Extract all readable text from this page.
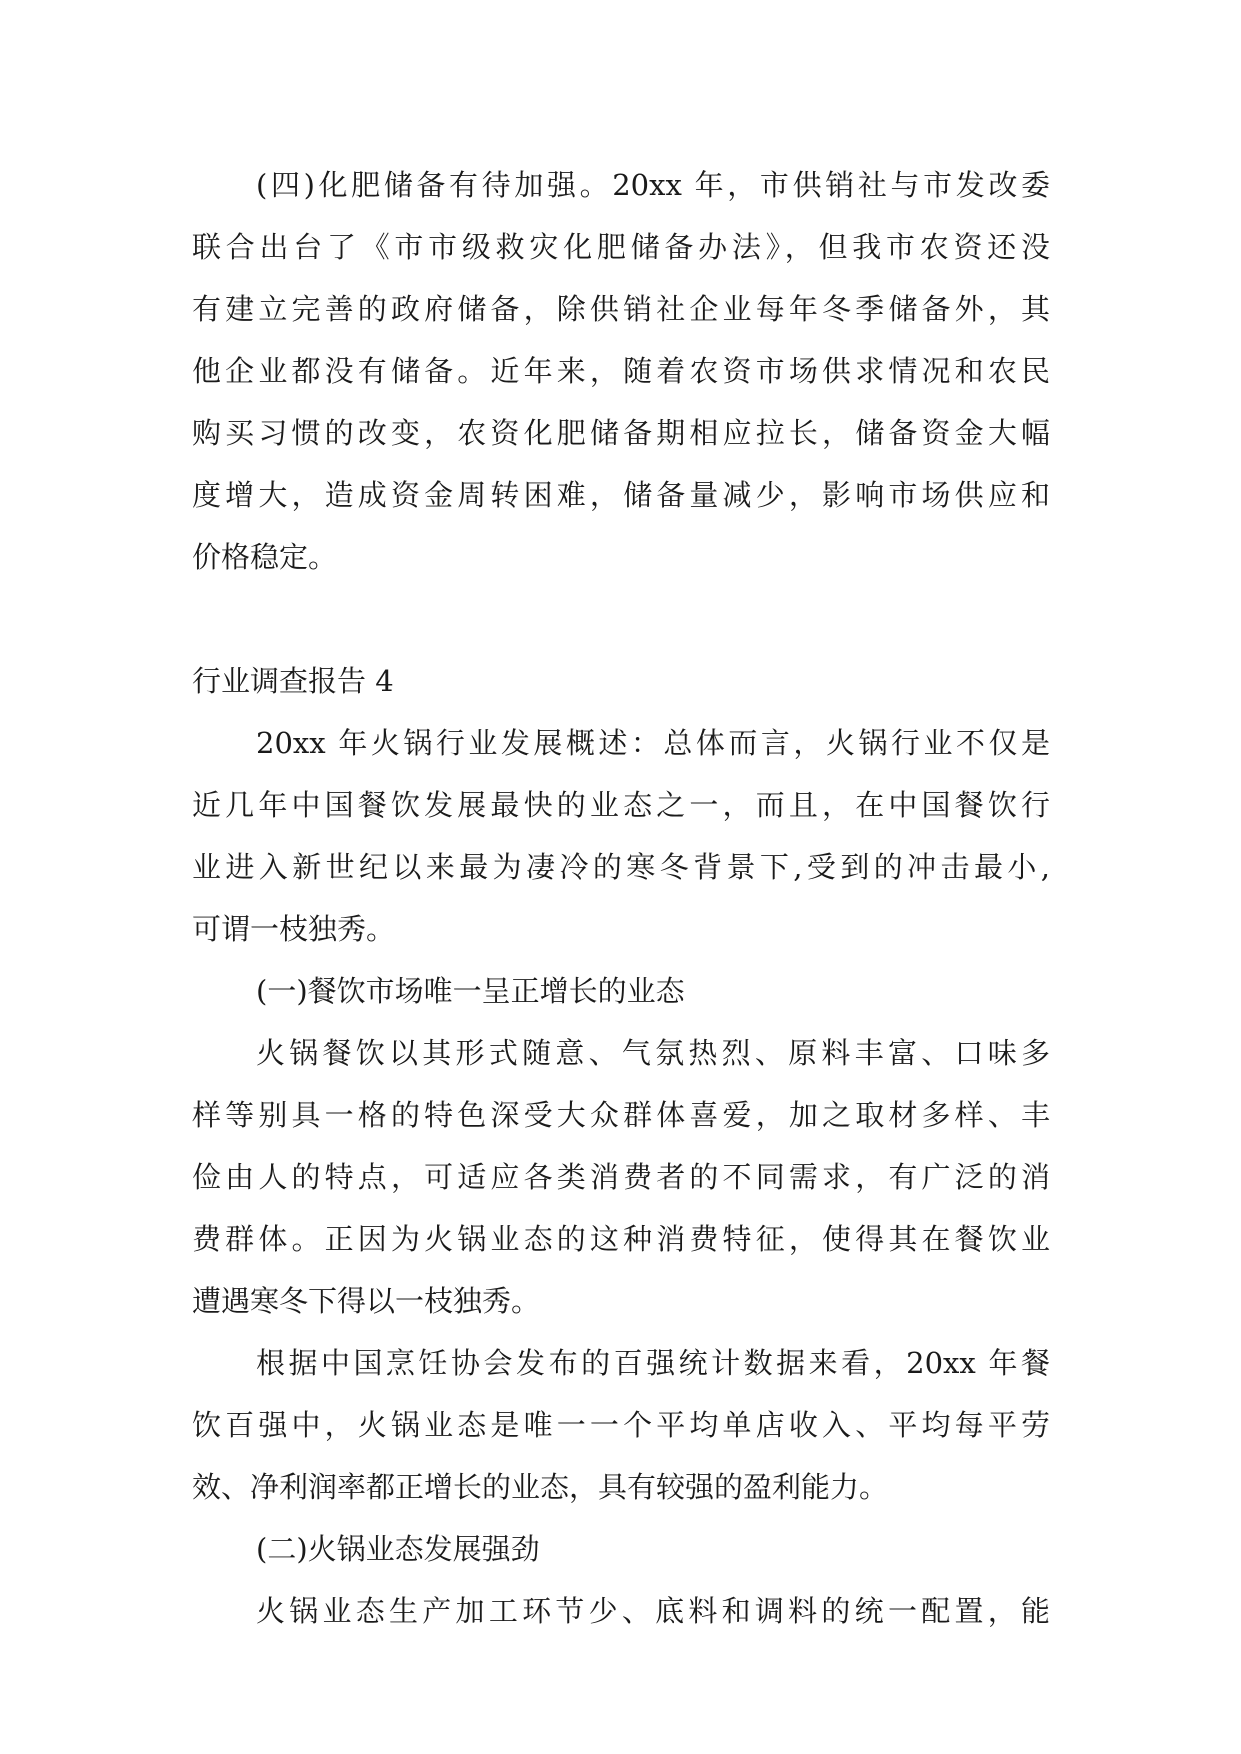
(四)化肥储备有待加强。20xx 年，市供销社与市发改委
联合出台了《市市级救灾化肥储备办法》，但我市农资还没
有建立完善的政府储备，除供销社企业每年冬季储备外，其
他企业都没有储备。近年来，随着农资市场供求情况和农民
购买习惯的改变，农资化肥储备期相应拉长，储备资金大幅
度增大，造成资金周转困难，储备量减少，影响市场供应和
价格稳定。
行业调查报告 4
20xx 年火锅行业发展概述：总体而言，火锅行业不仅是
近几年中国餐饮发展最快的业态之一，而且，在中国餐饮行
业进入新世纪以来最为凄冷的寒冬背景下,受到的冲击最小,
可谓一枝独秀。
(一)餐饮市场唯一呈正增长的业态
火锅餐饮以其形式随意、气氛热烈、原料丰富、口味多
样等别具一格的特色深受大众群体喜爱，加之取材多样、丰
俭由人的特点，可适应各类消费者的不同需求，有广泛的消
费群体。正因为火锅业态的这种消费特征，使得其在餐饮业
遭遇寒冬下得以一枝独秀。
根据中国烹饪协会发布的百强统计数据来看，20xx 年餐
饮百强中，火锅业态是唯一一个平均单店收入、平均每平劳
效、净利润率都正增长的业态，具有较强的盈利能力。
(二)火锅业态发展强劲
火锅业态生产加工环节少、底料和调料的统一配置，能
